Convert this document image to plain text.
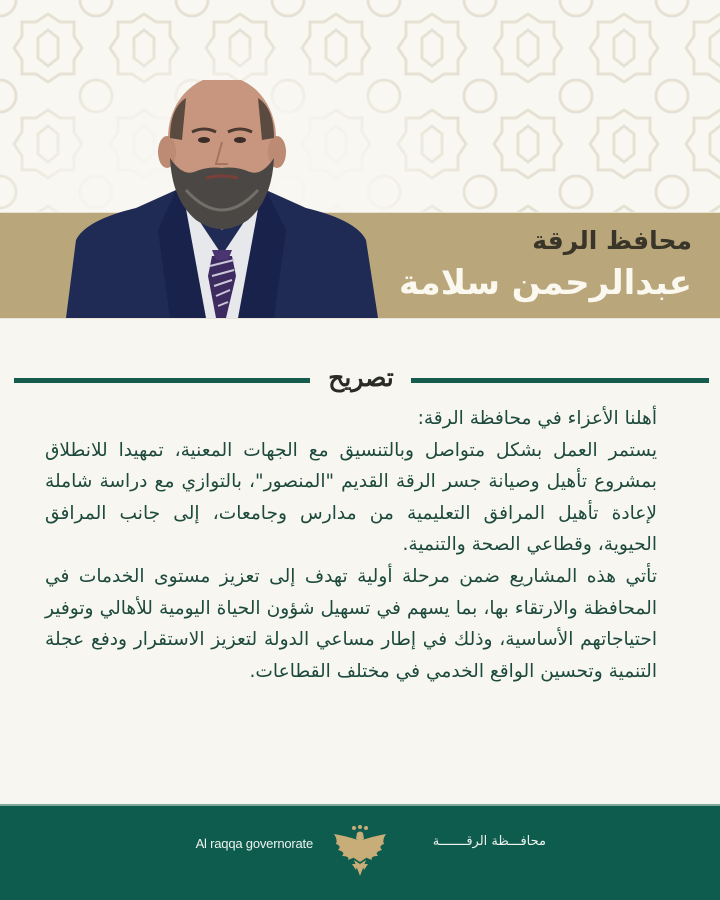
محافظ الرقة
عبدالرحمن سلامة
تصريح

أهلنا الأعزاء في محافظة الرقة:

يستمر العمل بشكل متواصل وبالتنسيق مع الجهات المعنية، تمهيدا للانطلاق بمشروع تأهيل وصيانة جسر الرقة القديم "المنصور"، بالتوازي مع دراسة شاملة لإعادة تأهيل المرافق التعليمية من مدارس وجامعات، إلى جانب المرافق الحيوية، وقطاعي الصحة والتنمية.

تأتي هذه المشاريع ضمن مرحلة أولية تهدف إلى تعزيز مستوى الخدمات في المحافظة والارتقاء بها، بما يسهم في تسهيل شؤون الحياة اليومية للأهالي وتوفير احتياجاتهم الأساسية، وذلك في إطار مساعي الدولة لتعزيز الاستقرار ودفع عجلة التنمية وتحسين الواقع الخدمي في مختلف القطاعات.

Al raqqa governorate	محافـــظة الرقـــــــة
